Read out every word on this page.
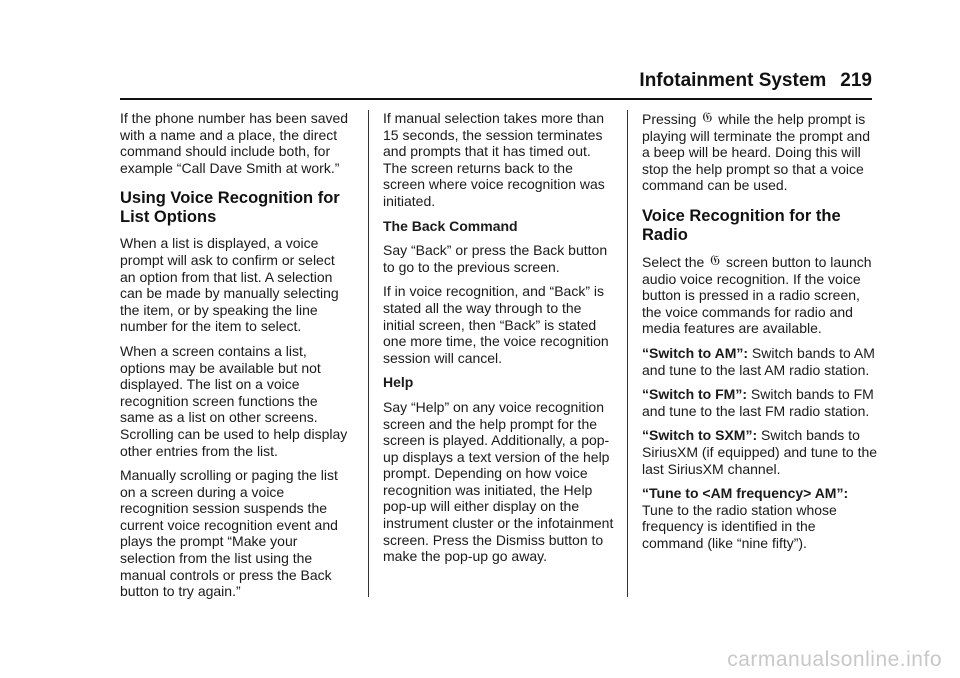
Infotainment System 219

If the phone number has been saved with a name and a place, the direct command should include both, for example “Call Dave Smith at work.”

Using Voice Recognition for List Options

When a list is displayed, a voice prompt will ask to confirm or select an option from that list. A selection can be made by manually selecting the item, or by speaking the line number for the item to select.

When a screen contains a list, options may be available but not displayed. The list on a voice recognition screen functions the same as a list on other screens. Scrolling can be used to help display other entries from the list.

Manually scrolling or paging the list on a screen during a voice recognition session suspends the current voice recognition event and plays the prompt “Make your selection from the list using the manual controls or press the Back button to try again.”

If manual selection takes more than 15 seconds, the session terminates and prompts that it has timed out. The screen returns back to the screen where voice recognition was initiated.

The Back Command

Say “Back” or press the Back button to go to the previous screen.

If in voice recognition, and “Back” is stated all the way through to the initial screen, then “Back” is stated one more time, the voice recognition session will cancel.

Help

Say “Help” on any voice recognition screen and the help prompt for the screen is played. Additionally, a pop-up displays a text version of the help prompt. Depending on how voice recognition was initiated, the Help pop-up will either display on the instrument cluster or the infotainment screen. Press the Dismiss button to make the pop-up go away.

Pressing 𝔊 while the help prompt is playing will terminate the prompt and a beep will be heard. Doing this will stop the help prompt so that a voice command can be used.

Voice Recognition for the Radio

Select the 𝔊 screen button to launch audio voice recognition. If the voice button is pressed in a radio screen, the voice commands for radio and media features are available.

“Switch to AM”: Switch bands to AM and tune to the last AM radio station.

“Switch to FM”: Switch bands to FM and tune to the last FM radio station.

“Switch to SXM”: Switch bands to SiriusXM (if equipped) and tune to the last SiriusXM channel.

“Tune to <AM frequency> AM”: Tune to the radio station whose frequency is identified in the command (like “nine fifty”).

carmanualsonline.info
